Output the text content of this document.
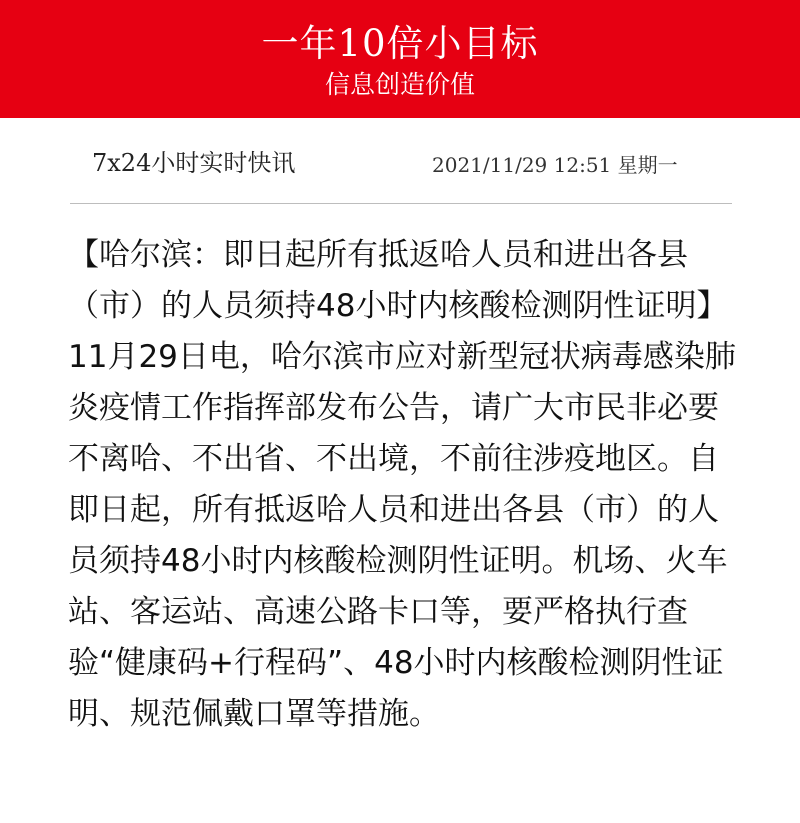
一年10倍小目标
信息创造价值
7x24小时实时快讯	2021/11/29 12:51 星期一
【哈尔滨：即日起所有抵返哈人员和进出各县（市）的人员须持48小时内核酸检测阴性证明】11月29日电，哈尔滨市应对新型冠状病毒感染肺炎疫情工作指挥部发布公告，请广大市民非必要不离哈、不出省、不出境，不前往涉疫地区。自即日起，所有抵返哈人员和进出各县（市）的人员须持48小时内核酸检测阴性证明。机场、火车站、客运站、高速公路卡口等，要严格执行查验“健康码+行程码”、48小时内核酸检测阴性证明、规范佩戴口罩等措施。
